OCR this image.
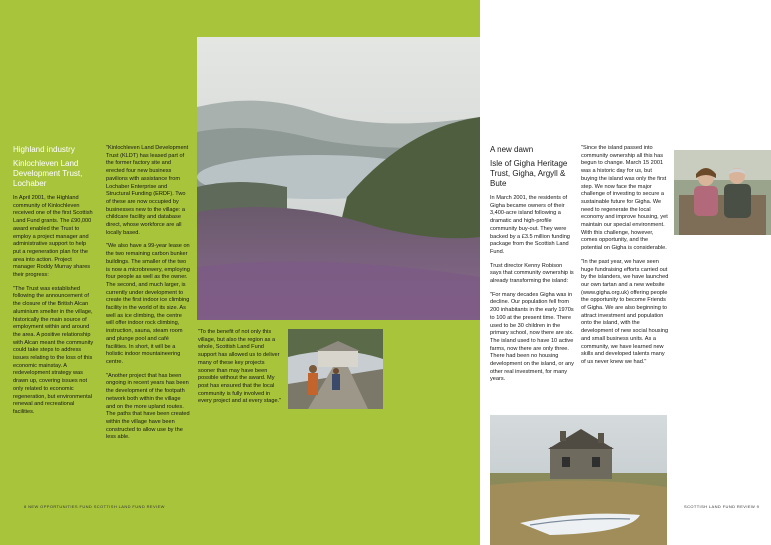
Highland industry
Kinlochleven Land Development Trust, Lochaber

In April 2001, the Highland community of Kinlochleven received one of the first Scottish Land Fund grants. The £90,000 award enabled the Trust to employ a project manager and administrative support to help put a regeneration plan for the area into action. Project manager Roddy Murray shares their progress:

"The Trust was established following the announcement of the closure of the British Alcan aluminium smelter in the village, historically the main source of employment within and around the area. A positive relationship with Alcan meant the community could take steps to address issues relating to the loss of this economic mainstay. A redevelopment strategy was drawn up, covering issues not only related to economic regeneration, but environmental renewal and recreational facilities.

"Kinlochleven Land Development Trust (KLDT) has leased part of the former factory site and erected four new business pavilions with assistance from Lochaber Enterprise and Structural Funding (ERDF). Two of these are now occupied by businesses new to the village: a childcare facility and database direct, whose workforce are all locally based.

"We also have a 99-year lease on the two remaining carbon bunker buildings. The smaller of the two is now a microbrewery, employing four people as well as the owner. The second, and much larger, is currently under development to create the first indoor ice climbing facility in the world of its size. As well as ice climbing, the centre will offer indoor rock climbing, instruction, sauna, steam room and plunge pool and café facilities. In short, it will be a holistic indoor mountaineering centre.

"Another project that has been ongoing in recent years has been the development of the footpath network both within the village and on the more upland routes. The paths that have been created within the village have been constructed to allow use by the less able.

"To the benefit of not only this village, but also the region as a whole, Scottish Land Fund support has allowed us to deliver many of these key projects sooner than may have been possible without the award. My post has ensured that the local community is fully involved in every project and at every stage."

8 NEW OPPORTUNITIES FUND SCOTTISH LAND FUND REVIEW
A new dawn
Isle of Gigha Heritage Trust, Gigha, Argyll & Bute

In March 2001, the residents of Gigha became owners of their 3,400-acre island following a dramatic and high-profile community buy-out. They were backed by a £3.5 million funding package from the Scottish Land Fund.

Trust director Kenny Robison says that community ownership is already transforming the island:

"For many decades Gigha was in decline. Our population fell from 200 inhabitants in the early 1970s to 100 at the present time. There used to be 30 children in the primary school, now there are six. The island used to have 10 active farms, now there are only three. There had been no housing development on the island, or any other real investment, for many years.

"Since the island passed into community ownership all this has begun to change. March 15 2001 was a historic day for us, but buying the island was only the first step. We now face the major challenge of investing to secure a sustainable future for Gigha. We need to regenerate the local economy and improve housing, yet maintain our special environment. With this challenge, however, comes opportunity, and the potential on Gigha is considerable.

"In the past year, we have seen huge fundraising efforts carried out by the islanders, we have launched our own tartan and a new website (www.gigha.org.uk) offering people the opportunity to become Friends of Gigha. We are also beginning to attract investment and population onto the island, with the development of new social housing and small business units. As a community, we have learned new skills and developed talents many of us never knew we had."

SCOTTISH LAND FUND REVIEW 9
